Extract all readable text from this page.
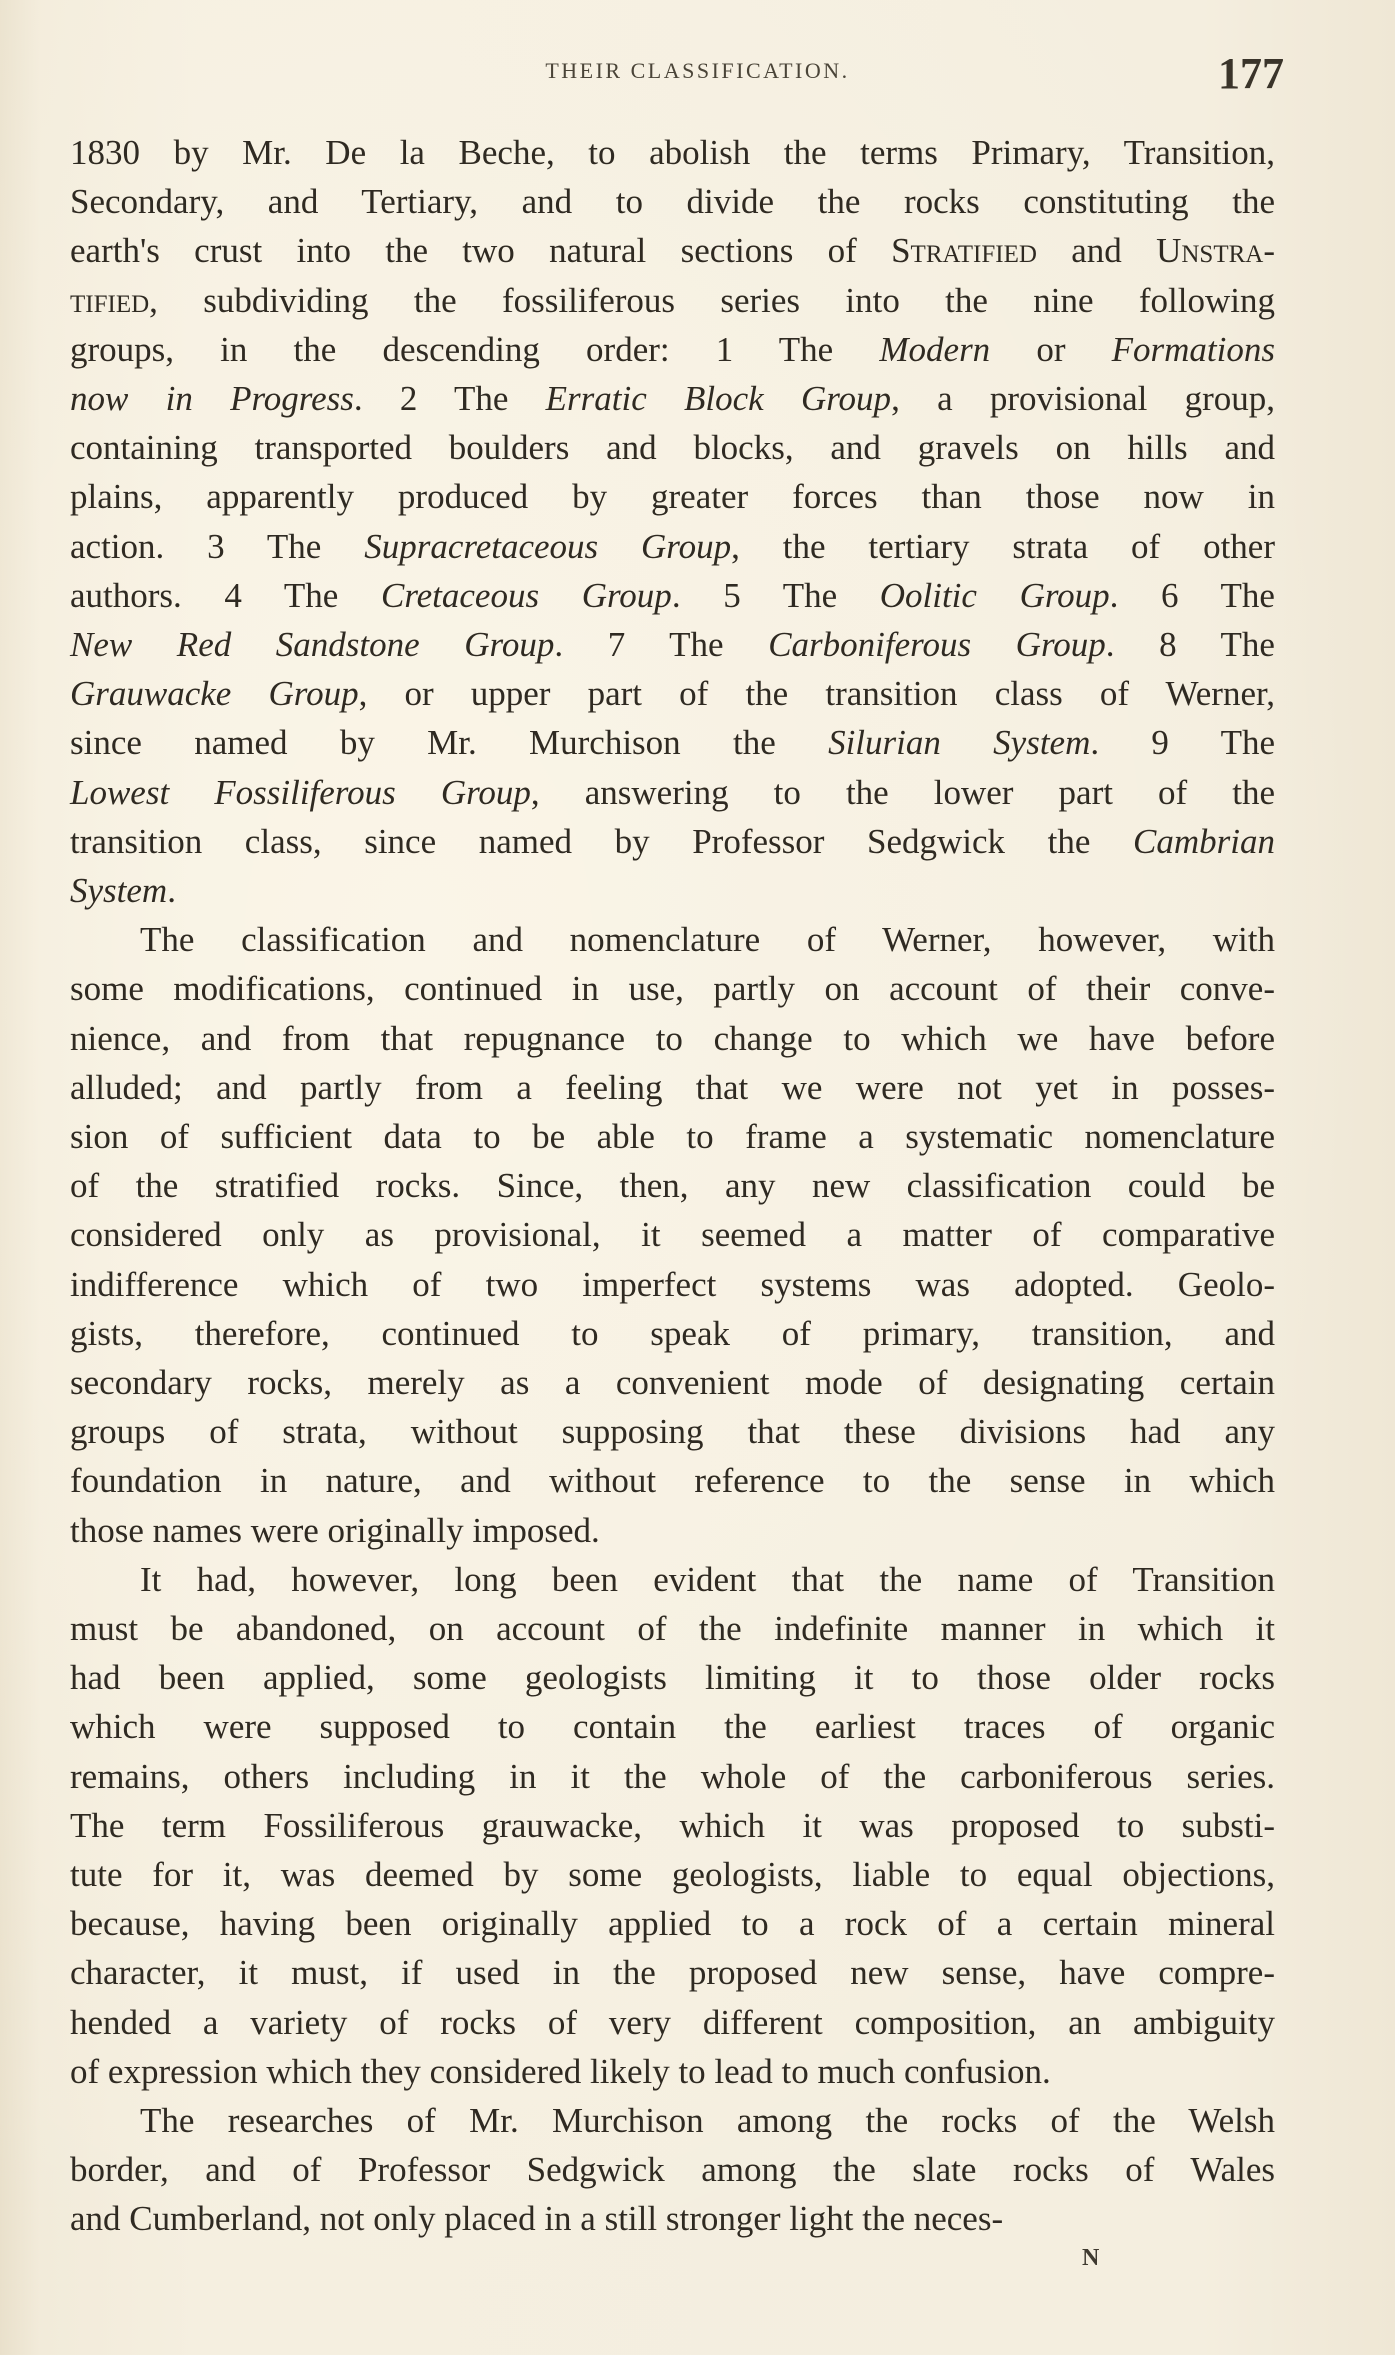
THEIR CLASSIFICATION.	177
1830 by Mr. De la Beche, to abolish the terms Primary, Transition,
Secondary, and Tertiary, and to divide the rocks constituting the
earth's crust into the two natural sections of Stratified and Unstra-
tified, subdividing the fossiliferous series into the nine following
groups, in the descending order: 1 The Modern or Formations
now in Progress. 2 The Erratic Block Group, a provisional group,
containing transported boulders and blocks, and gravels on hills and
plains, apparently produced by greater forces than those now in
action. 3 The Supracretaceous Group, the tertiary strata of other
authors. 4 The Cretaceous Group. 5 The Oolitic Group. 6 The
New Red Sandstone Group. 7 The Carboniferous Group. 8 The
Grauwacke Group, or upper part of the transition class of Werner,
since named by Mr. Murchison the Silurian System. 9 The
Lowest Fossiliferous Group, answering to the lower part of the
transition class, since named by Professor Sedgwick the Cambrian
System.
The classification and nomenclature of Werner, however, with
some modifications, continued in use, partly on account of their conve-
nience, and from that repugnance to change to which we have before
alluded; and partly from a feeling that we were not yet in posses-
sion of sufficient data to be able to frame a systematic nomenclature
of the stratified rocks. Since, then, any new classification could be
considered only as provisional, it seemed a matter of comparative
indifference which of two imperfect systems was adopted. Geolo-
gists, therefore, continued to speak of primary, transition, and
secondary rocks, merely as a convenient mode of designating certain
groups of strata, without supposing that these divisions had any
foundation in nature, and without reference to the sense in which
those names were originally imposed.
It had, however, long been evident that the name of Transition
must be abandoned, on account of the indefinite manner in which it
had been applied, some geologists limiting it to those older rocks
which were supposed to contain the earliest traces of organic
remains, others including in it the whole of the carboniferous series.
The term Fossiliferous grauwacke, which it was proposed to substi-
tute for it, was deemed by some geologists, liable to equal objections,
because, having been originally applied to a rock of a certain mineral
character, it must, if used in the proposed new sense, have compre-
hended a variety of rocks of very different composition, an ambiguity
of expression which they considered likely to lead to much confusion.
The researches of Mr. Murchison among the rocks of the Welsh
border, and of Professor Sedgwick among the slate rocks of Wales
and Cumberland, not only placed in a still stronger light the neces-
N
